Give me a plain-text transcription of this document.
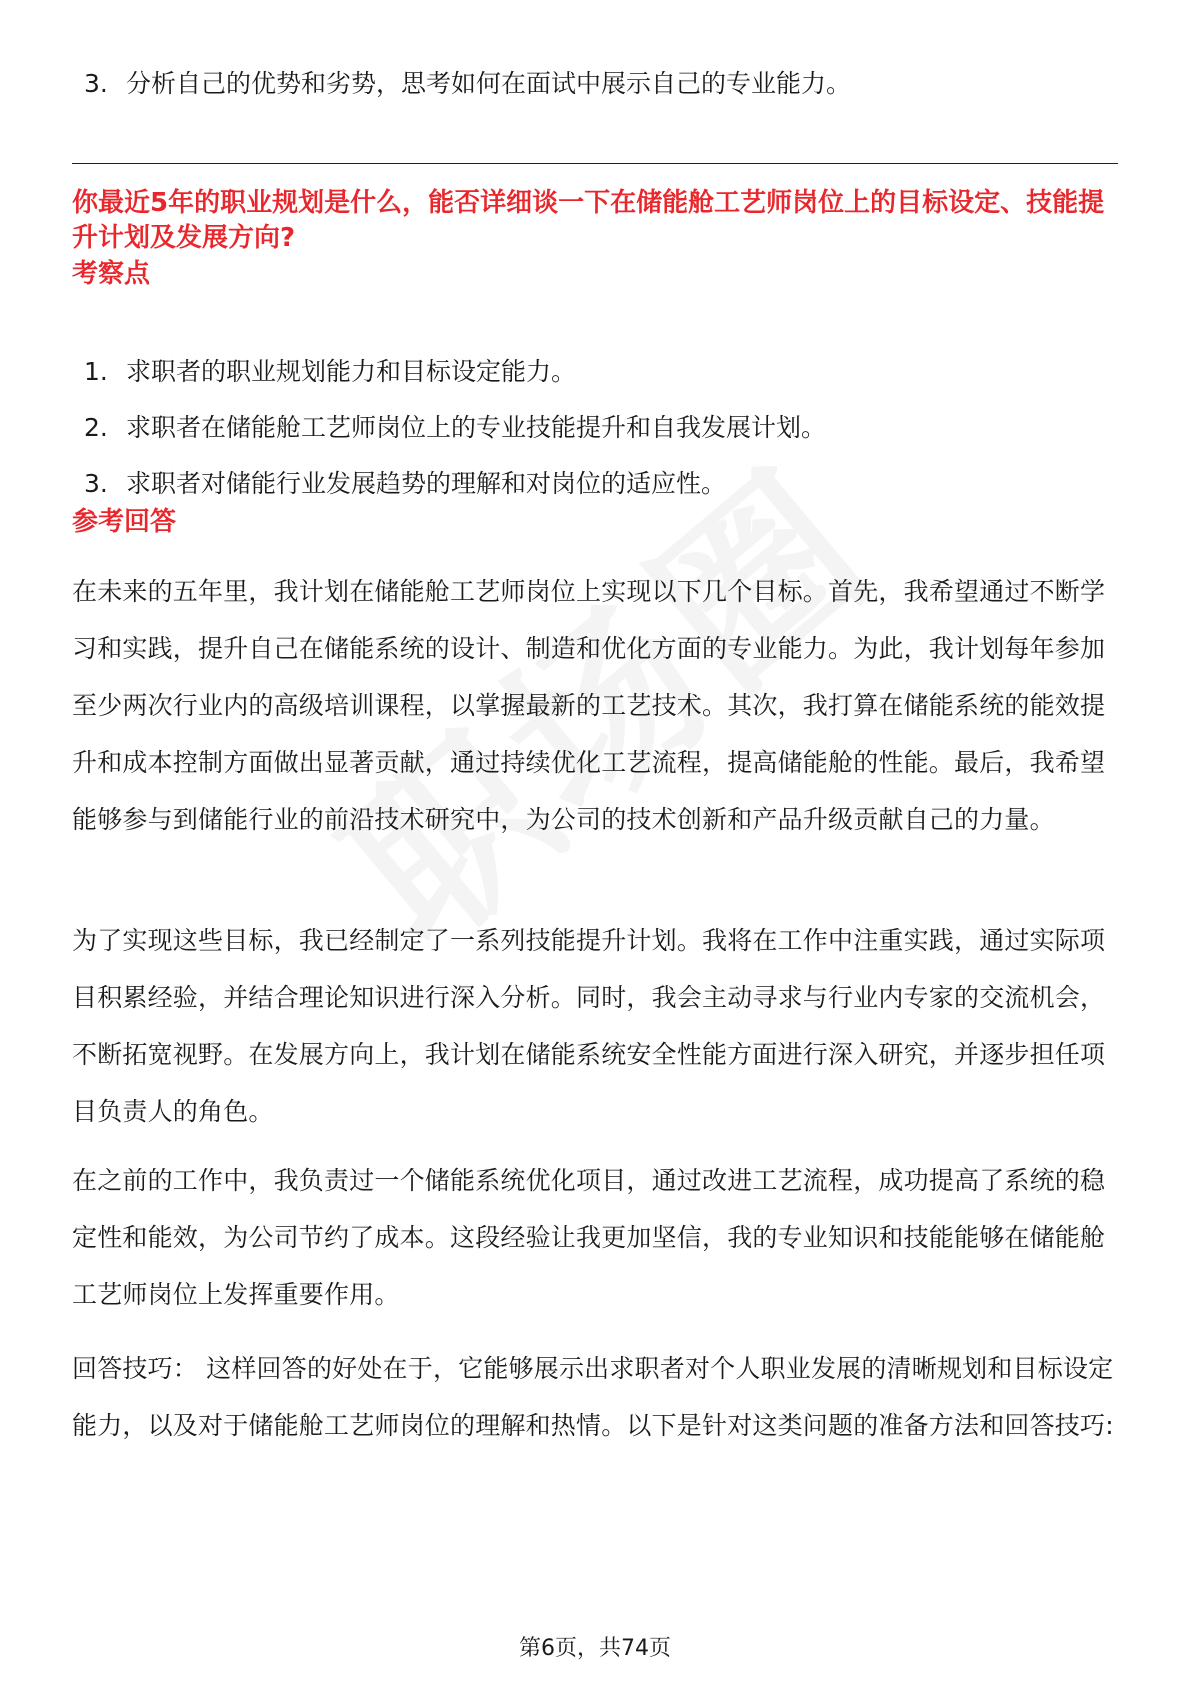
3. 分析自己的优势和劣势，思考如何在面试中展示自己的专业能力。
你最近5年的职业规划是什么，能否详细谈一下在储能舱工艺师岗位上的目标设定、技能提升计划及发展方向?
考察点
1. 求职者的职业规划能力和目标设定能力。
2. 求职者在储能舱工艺师岗位上的专业技能提升和自我发展计划。
3. 求职者对储能行业发展趋势的理解和对岗位的适应性。
参考回答
在未来的五年里，我计划在储能舱工艺师岗位上实现以下几个目标。首先，我希望通过不断学习和实践，提升自己在储能系统的设计、制造和优化方面的专业能力。为此，我计划每年参加至少两次行业内的高级培训课程，以掌握最新的工艺技术。其次，我打算在储能系统的能效提升和成本控制方面做出显著贡献，通过持续优化工艺流程，提高储能舱的性能。最后，我希望能够参与到储能行业的前沿技术研究中，为公司的技术创新和产品升级贡献自己的力量。
为了实现这些目标，我已经制定了一系列技能提升计划。我将在工作中注重实践，通过实际项目积累经验，并结合理论知识进行深入分析。同时，我会主动寻求与行业内专家的交流机会，不断拓宽视野。在发展方向上，我计划在储能系统安全性能方面进行深入研究，并逐步担任项目负责人的角色。
在之前的工作中，我负责过一个储能系统优化项目，通过改进工艺流程，成功提高了系统的稳定性和能效，为公司节约了成本。这段经验让我更加坚信，我的专业知识和技能能够在储能舱工艺师岗位上发挥重要作用。
回答技巧： 这样回答的好处在于，它能够展示出求职者对个人职业发展的清晰规划和目标设定能力，以及对于储能舱工艺师岗位的理解和热情。以下是针对这类问题的准备方法和回答技巧:
第6页，共74页
